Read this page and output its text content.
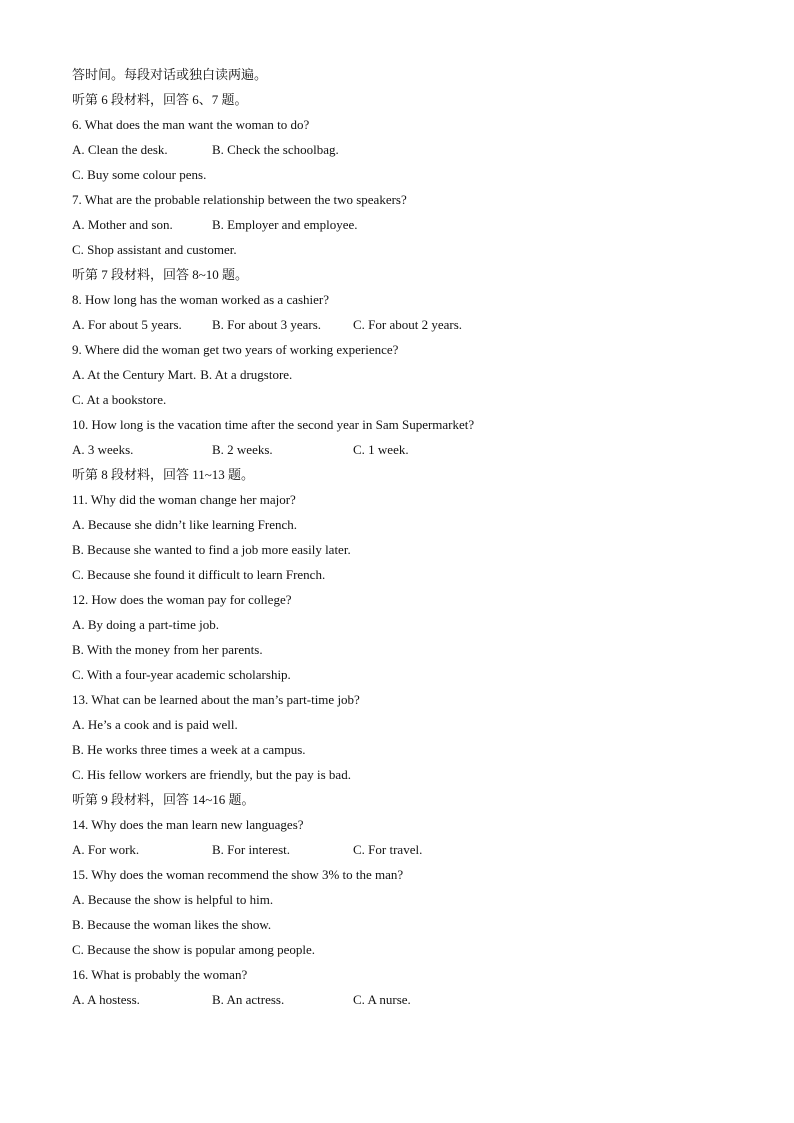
答时间。每段对话或独白读两遍。
听第 6 段材料，回答 6、7 题。
6. What does the man want the woman to do?
A. Clean the desk.	B. Check the schoolbag.
C. Buy some colour pens.
7. What are the probable relationship between the two speakers?
A. Mother and son.	B. Employer and employee.
C. Shop assistant and customer.
听第 7 段材料，回答 8~10 题。
8. How long has the woman worked as a cashier?
A. For about 5 years.	B. For about 3 years.	C. For about 2 years.
9. Where did the woman get two years of working experience?
A. At the Century Mart. B. At a drugstore.
C. At a bookstore.
10. How long is the vacation time after the second year in Sam Supermarket?
A. 3 weeks.	B. 2 weeks.	C. 1 week.
听第 8 段材料，回答 11~13 题。
11. Why did the woman change her major?
A. Because she didn’t like learning French.
B. Because she wanted to find a job more easily later.
C. Because she found it difficult to learn French.
12. How does the woman pay for college?
A. By doing a part-time job.
B. With the money from her parents.
C. With a four-year academic scholarship.
13. What can be learned about the man’s part-time job?
A. He’s a cook and is paid well.
B. He works three times a week at a campus.
C. His fellow workers are friendly, but the pay is bad.
听第 9 段材料，回答 14~16 题。
14. Why does the man learn new languages?
A. For work.	B. For interest.	C. For travel.
15. Why does the woman recommend the show 3% to the man?
A. Because the show is helpful to him.
B. Because the woman likes the show.
C. Because the show is popular among people.
16. What is probably the woman?
A. A hostess.	B. An actress.	C. A nurse.
